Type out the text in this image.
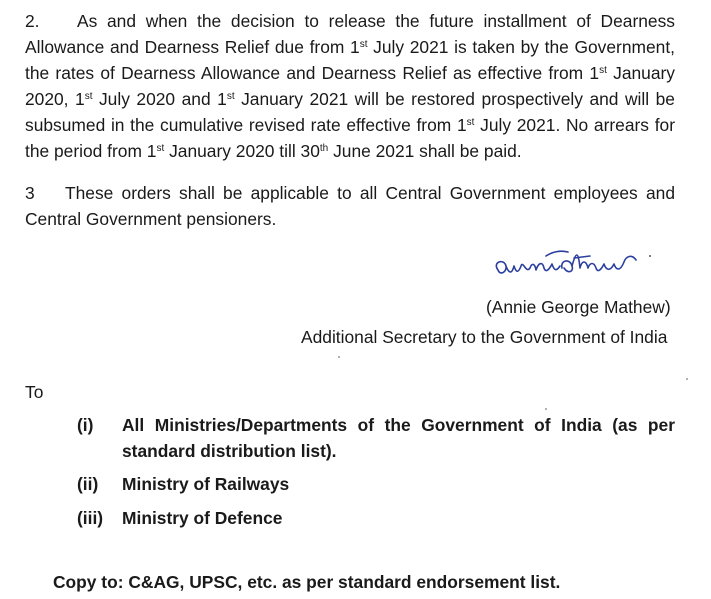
2. As and when the decision to release the future installment of Dearness
Allowance and Dearness Relief due from 1st July 2021 is taken by the Government,
the rates of Dearness Allowance and Dearness Relief as effective from 1st January
2020, 1st July 2020 and 1st January 2021 will be restored prospectively and will be
subsumed in the cumulative revised rate effective from 1st July 2021. No arrears for
the period from 1st January 2020 till 30th June 2021 shall be paid.
3 These orders shall be applicable to all Central Government employees and
Central Government pensioners.
(Annie George Mathew)
Additional Secretary to the Government of India
To
(i) All Ministries/Departments of the Government of India (as per
standard distribution list).
(ii) Ministry of Railways
(iii) Ministry of Defence
Copy to: C&AG, UPSC, etc. as per standard endorsement list.
